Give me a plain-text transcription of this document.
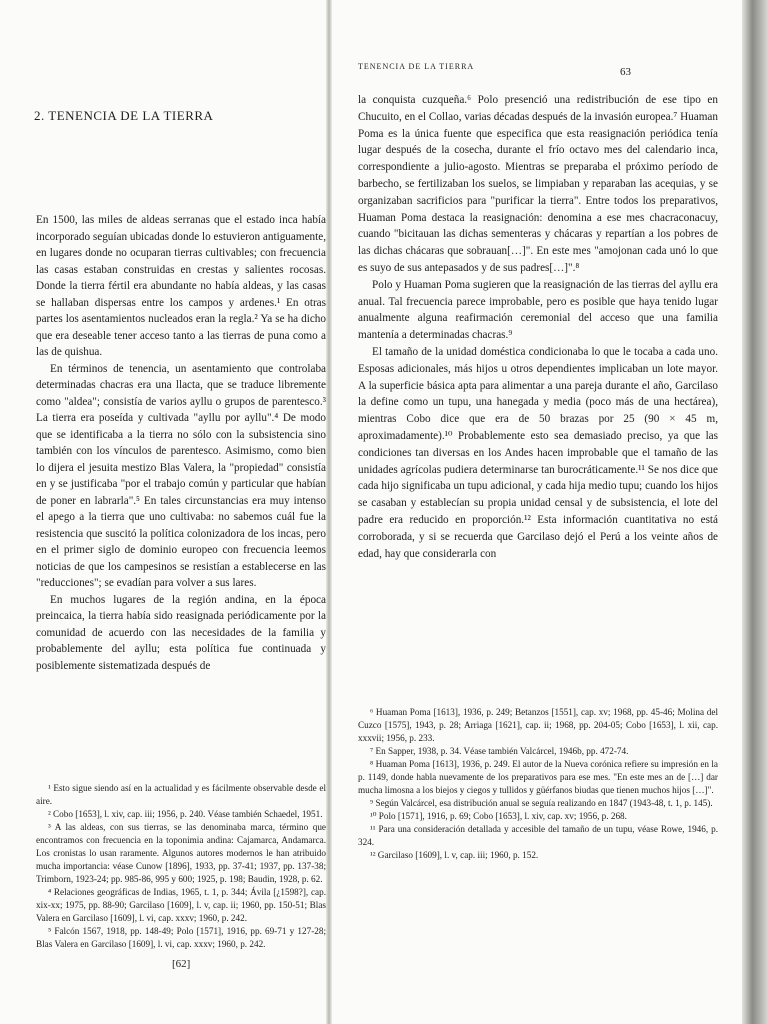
2. TENENCIA DE LA TIERRA

En 1500, las miles de aldeas serranas que el estado inca había incorporado seguían ubicadas donde lo estuvieron antiguamente, en lugares donde no ocuparan tierras cultivables; con frecuencia las casas estaban construidas en crestas y salientes rocosas. Donde la tierra fértil era abundante no había aldeas, y las casas se hallaban dispersas entre los campos y ardenes.¹ En otras partes los asentamientos nucleados eran la regla.² Ya se ha dicho que era deseable tener acceso tanto a las tierras de puna como a las de quishua.

En términos de tenencia, un asentamiento que controlaba determinadas chacras era una llacta, que se traduce libremente como "aldea"; consistía de varios ayllu o grupos de parentesco.³ La tierra era poseída y cultivada "ayllu por ayllu".⁴ De modo que se identificaba a la tierra no sólo con la subsistencia sino también con los vínculos de parentesco. Asimismo, como bien lo dijera el jesuita mestizo Blas Valera, la "propiedad" consistía en y se justificaba "por el trabajo común y particular que habían de poner en labrarla".⁵ En tales circunstancias era muy intenso el apego a la tierra que uno cultivaba: no sabemos cuál fue la resistencia que suscitó la política colonizadora de los incas, pero en el primer siglo de dominio europeo con frecuencia leemos noticias de que los campesinos se resistían a establecerse en las "reducciones"; se evadían para volver a sus lares.

En muchos lugares de la región andina, en la época preincaica, la tierra había sido reasignada periódicamente por la comunidad de acuerdo con las necesidades de la familia y probablemente del ayllu; esta política fue continuada y posiblemente sistematizada después de

¹ Esto sigue siendo así en la actualidad y es fácilmente observable desde el aire.

² Cobo [1653], l. xiv, cap. iii; 1956, p. 240. Véase también Schaedel, 1951.

³ A las aldeas, con sus tierras, se las denominaba marca, término que encontramos con frecuencia en la toponimia andina: Cajamarca, Andamarca. Los cronistas lo usan raramente. Algunos autores modernos le han atribuido mucha importancia: véase Cunow [1896], 1933, pp. 37-41; 1937, pp. 137-38; Trimborn, 1923-24; pp. 985-86, 995 y 600; 1925, p. 198; Baudin, 1928, p. 62.

⁴ Relaciones geográficas de Indias, 1965, t. 1, p. 344; Ávila [¿1598?], cap. xix-xx; 1975, pp. 88-90; Garcilaso [1609], l. v, cap. ii; 1960, pp. 150-51; Blas Valera en Garcilaso [1609], l. vi, cap. xxxv; 1960, p. 242.

⁵ Falcón 1567, 1918, pp. 148-49; Polo [1571], 1916, pp. 69-71 y 127-28; Blas Valera en Garcilaso [1609], l. vi, cap. xxxv; 1960, p. 242.

[62]
TENENCIA DE LA TIERRA	63

la conquista cuzqueña.⁶ Polo presenció una redistribución de ese tipo en Chucuito, en el Collao, varias décadas después de la invasión europea.⁷ Huaman Poma es la única fuente que especifica que esta reasignación periódica tenía lugar después de la cosecha, durante el frío octavo mes del calendario inca, correspondiente a julio-agosto. Mientras se preparaba el próximo período de barbecho, se fertilizaban los suelos, se limpiaban y reparaban las acequias, y se organizaban sacrificios para "purificar la tierra". Entre todos los preparativos, Huaman Poma destaca la reasignación: denomina a ese mes chacraconacuy, cuando "bicitauan las dichas sementeras y chácaras y repartían a los pobres de las dichas chácaras que sobrauan[…]". En este mes "amojonan cada unó lo que es suyo de sus antepasados y de sus padres[…]".⁸

Polo y Huaman Poma sugieren que la reasignación de las tierras del ayllu era anual. Tal frecuencia parece improbable, pero es posible que haya tenido lugar anualmente alguna reafirmación ceremonial del acceso que una familia mantenía a determinadas chacras.⁹

El tamaño de la unidad doméstica condicionaba lo que le tocaba a cada uno. Esposas adicionales, más hijos u otros dependientes implicaban un lote mayor. A la superficie básica apta para alimentar a una pareja durante el año, Garcilaso la define como un tupu, una hanegada y media (poco más de una hectárea), mientras Cobo dice que era de 50 brazas por 25 (90 × 45 m, aproximadamente).¹⁰ Probablemente esto sea demasiado preciso, ya que las condiciones tan diversas en los Andes hacen improbable que el tamaño de las unidades agrícolas pudiera determinarse tan burocráticamente.¹¹ Se nos dice que cada hijo significaba un tupu adicional, y cada hija medio tupu; cuando los hijos se casaban y establecían su propia unidad censal y de subsistencia, el lote del padre era reducido en proporción.¹² Esta información cuantitativa no está corroborada, y si se recuerda que Garcilaso dejó el Perú a los veinte años de edad, hay que considerarla con

⁶ Huaman Poma [1613], 1936, p. 249; Betanzos [1551], cap. xv; 1968, pp. 45-46; Molina del Cuzco [1575], 1943, p. 28; Arriaga [1621], cap. ii; 1968, pp. 204-05; Cobo [1653], l. xii, cap. xxxvii; 1956, p. 233.

⁷ En Sapper, 1938, p. 34. Véase también Valcárcel, 1946b, pp. 472-74.

⁸ Huaman Poma [1613], 1936, p. 249. El autor de la Nueva corónica refiere su impresión en la p. 1149, donde habla nuevamente de los preparativos para ese mes. "En este mes an de […] dar mucha limosna a los biejos y ciegos y tullidos y güérfanos biudas que tienen muchos hijos […]".

⁹ Según Valcárcel, esa distribución anual se seguía realizando en 1847 (1943-48, t. 1, p. 145).

¹⁰ Polo [1571], 1916, p. 69; Cobo [1653], l. xiv, cap. xv; 1956, p. 268.

¹¹ Para una consideración detallada y accesible del tamaño de un tupu, véase Rowe, 1946, p. 324.

¹² Garcilaso [1609], l. v, cap. iii; 1960, p. 152.
